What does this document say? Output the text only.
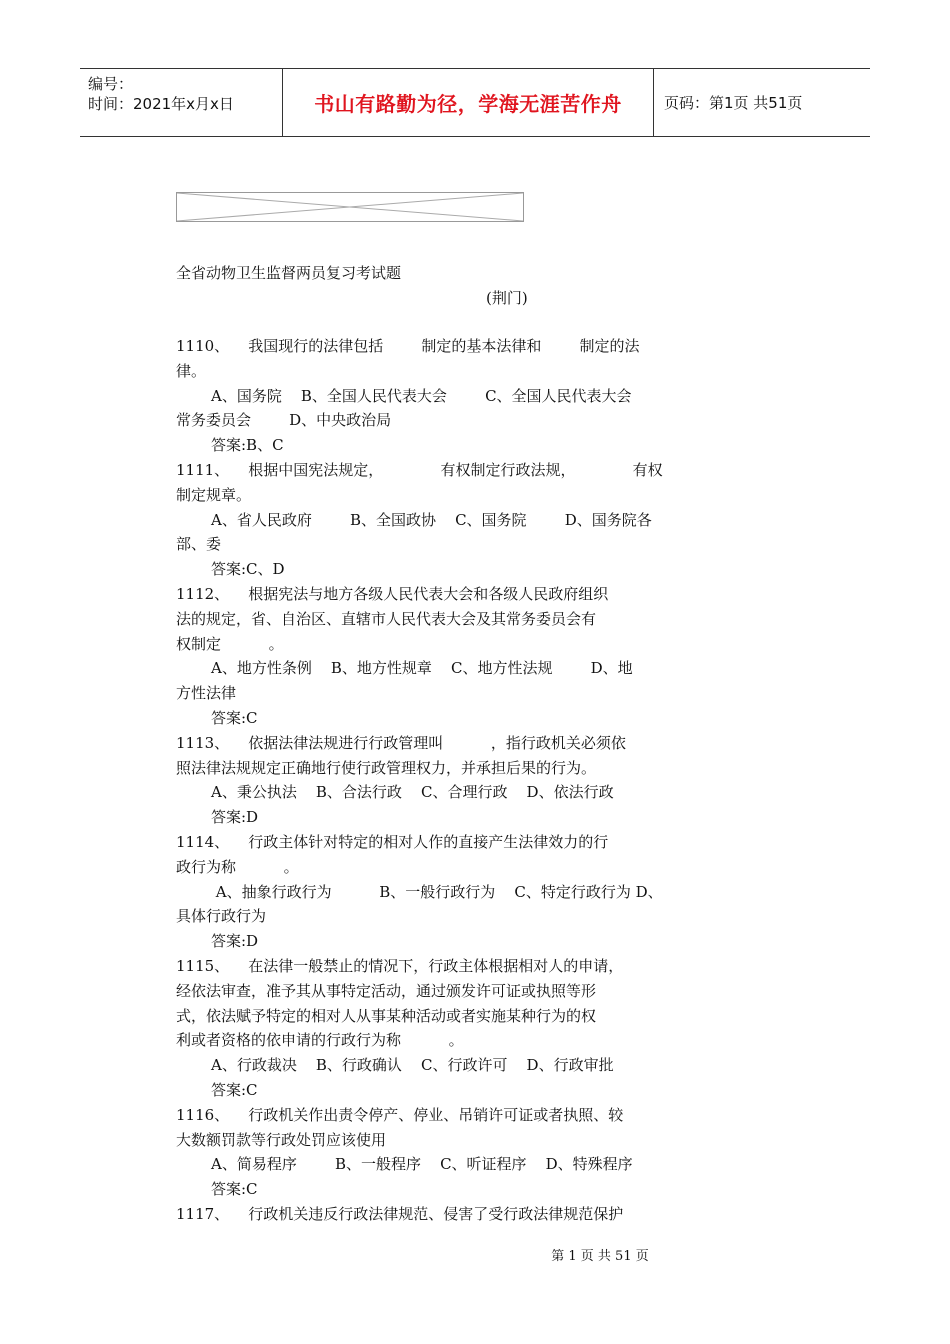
编号：
时间：2021年x月x日	书山有路勤为径，学海无涯苦作舟	页码：第1页 共51页
全省动物卫生监督两员复习考试题
(荆门)
1110、    我国现行的法律包括        制定的基本法律和        制定的法
律。
A、国务院    B、全国人民代表大会        C、全国人民代表大会
常务委员会        D、中央政治局
答案:B、C
1111、    根据中国宪法规定，            有权制定行政法规，            有权
制定规章。
A、省人民政府        B、全国政协    C、国务院        D、国务院各
部、委
答案:C、D
1112、    根据宪法与地方各级人民代表大会和各级人民政府组织
法的规定，省、自治区、直辖市人民代表大会及其常务委员会有
权制定          。
A、地方性条例    B、地方性规章    C、地方性法规        D、地
方性法律
答案:C
1113、    依据法律法规进行行政管理叫          ，指行政机关必须依
照法律法规规定正确地行使行政管理权力，并承担后果的行为。
A、秉公执法    B、合法行政    C、合理行政    D、依法行政
答案:D
1114、    行政主体针对特定的相对人作的直接产生法律效力的行
政行为称          。
A、抽象行政行为          B、一般行政行为    C、特定行政行为 D、
具体行政行为
答案:D
1115、    在法律一般禁止的情况下，行政主体根据相对人的申请，
经依法审查，准予其从事特定活动，通过颁发许可证或执照等形
式，依法赋予特定的相对人从事某种活动或者实施某种行为的权
利或者资格的依申请的行政行为称          。
A、行政裁决    B、行政确认    C、行政许可    D、行政审批
答案:C
1116、    行政机关作出责令停产、停业、吊销许可证或者执照、较
大数额罚款等行政处罚应该使用
A、简易程序        B、一般程序    C、听证程序    D、特殊程序
答案:C
1117、    行政机关违反行政法律规范、侵害了受行政法律规范保护
第 1 页 共 51 页
